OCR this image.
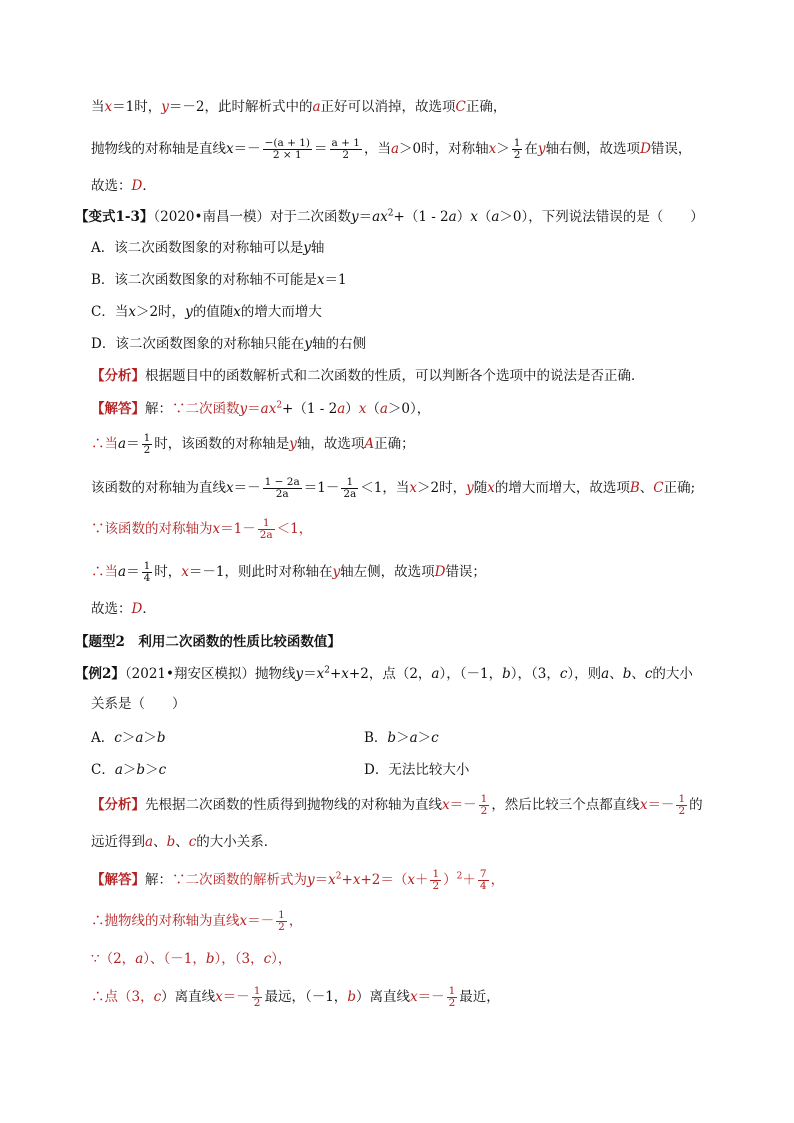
当x＝1时，y＝－2，此时解析式中的a正好可以消掉，故选项C正确，
抛物线的对称轴是直线$x=- \frac{-(a + 1)}{2 \times 1} = \frac{a + 1}{2}$ ，当a＞0时，对称轴$x> \frac{1}{2}$ 在y轴右侧，故选项D错误，
故选：D．
【变式1-3】（2020•南昌一模）对于二次函数$y=ax^2+(1 - 2a)x(a>0)$，下列说法错误的是（　　）
A．该二次函数图象的对称轴可以是y轴
B．该二次函数图象的对称轴不可能是x＝1
C．当x＞2时，y的值随x的增大而增大
D．该二次函数图象的对称轴只能在y轴的右侧
【分析】根据题目中的函数解析式和二次函数的性质，可以判断各个选项中的说法是否正确．
【解答】解：∵二次函数$y=ax^2+(1 - 2a)x(a>0)$，
∴当$a= \frac{1}{2}$ 时，该函数的对称轴是y轴，故选项A正确；
该函数的对称轴为直线$x=- \frac{1 - 2a}{2a} =1- \frac{1}{2a} <1$，当x＞2时，y随x的增大而增大，故选项B、C正确;
∵该函数的对称轴为$x=1- \frac{1}{2a} <1$，
∴当$a= \frac{1}{4}$ 时，x＝－1，则此时对称轴在y轴左侧，故选项D错误；
故选：D．
【题型2　利用二次函数的性质比较函数值】
【例2】（2021•翔安区模拟）抛物线$y=x^2+x+2$，点（2，a），（－1，b），（3，c），则a、b、c的大小
关系是（　　）
A．c＞a＞b	B．b＞a＞c
C．a＞b＞c	D．无法比较大小
【分析】先根据二次函数的性质得到抛物线的对称轴为直线$x=- \frac{1}{2}$ ，然后比较三个点都直线$x=- \frac{1}{2}$ 的
远近得到a、b、c的大小关系．
【解答】解：∵二次函数的解析式为$y=x^2+x+2=(x+ \frac{1}{2} )^2+ \frac{7}{4}$ ，
∴抛物线的对称轴为直线$x=- \frac{1}{2}$ ，
∵（2，a）、（－1，b），（3，c），
∴点（3，c）离直线$x=- \frac{1}{2}$ 最远，（－1，b）离直线$x=- \frac{1}{2}$ 最近，
